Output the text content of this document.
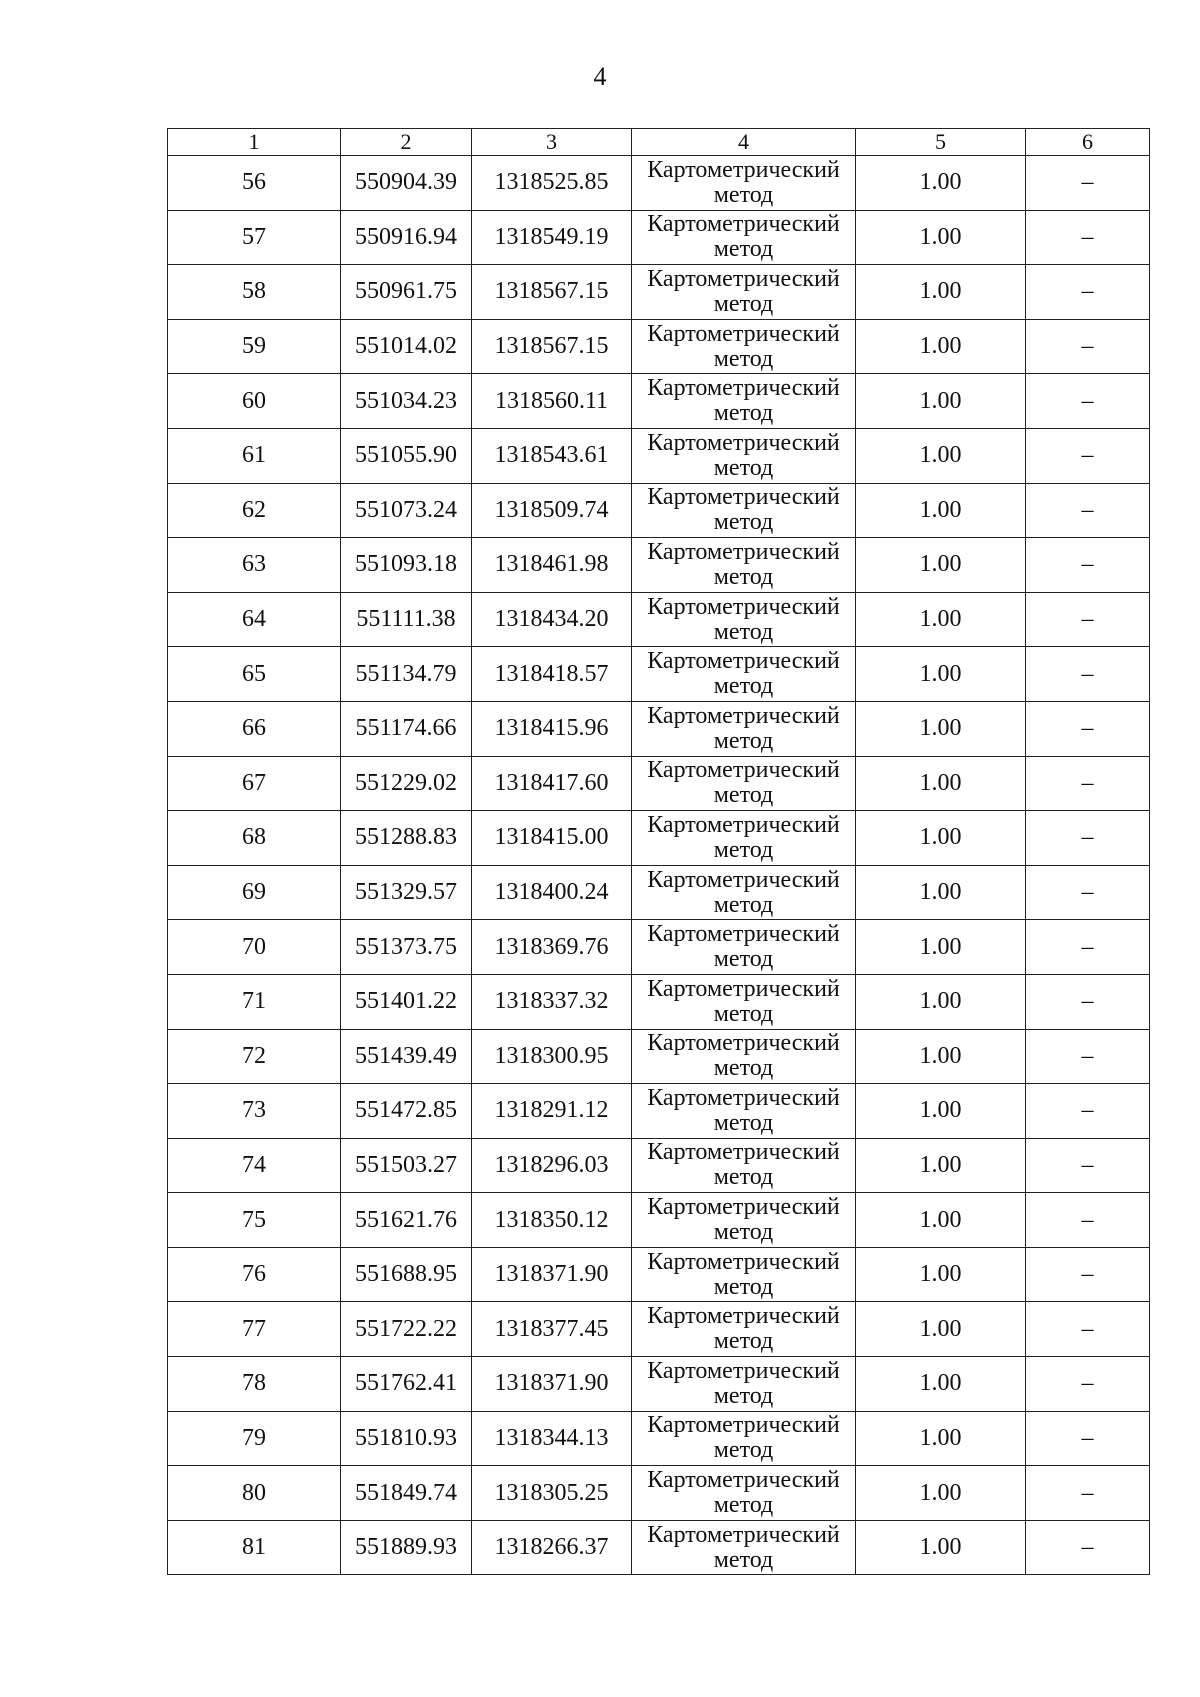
4
1	2	3	4	5	6
56	550904.39	1318525.85	Картометрический метод	1.00	–
57	550916.94	1318549.19	Картометрический метод	1.00	–
58	550961.75	1318567.15	Картометрический метод	1.00	–
59	551014.02	1318567.15	Картометрический метод	1.00	–
60	551034.23	1318560.11	Картометрический метод	1.00	–
61	551055.90	1318543.61	Картометрический метод	1.00	–
62	551073.24	1318509.74	Картометрический метод	1.00	–
63	551093.18	1318461.98	Картометрический метод	1.00	–
64	551111.38	1318434.20	Картометрический метод	1.00	–
65	551134.79	1318418.57	Картометрический метод	1.00	–
66	551174.66	1318415.96	Картометрический метод	1.00	–
67	551229.02	1318417.60	Картометрический метод	1.00	–
68	551288.83	1318415.00	Картометрический метод	1.00	–
69	551329.57	1318400.24	Картометрический метод	1.00	–
70	551373.75	1318369.76	Картометрический метод	1.00	–
71	551401.22	1318337.32	Картометрический метод	1.00	–
72	551439.49	1318300.95	Картометрический метод	1.00	–
73	551472.85	1318291.12	Картометрический метод	1.00	–
74	551503.27	1318296.03	Картометрический метод	1.00	–
75	551621.76	1318350.12	Картометрический метод	1.00	–
76	551688.95	1318371.90	Картометрический метод	1.00	–
77	551722.22	1318377.45	Картометрический метод	1.00	–
78	551762.41	1318371.90	Картометрический метод	1.00	–
79	551810.93	1318344.13	Картометрический метод	1.00	–
80	551849.74	1318305.25	Картометрический метод	1.00	–
81	551889.93	1318266.37	Картометрический метод	1.00	–
